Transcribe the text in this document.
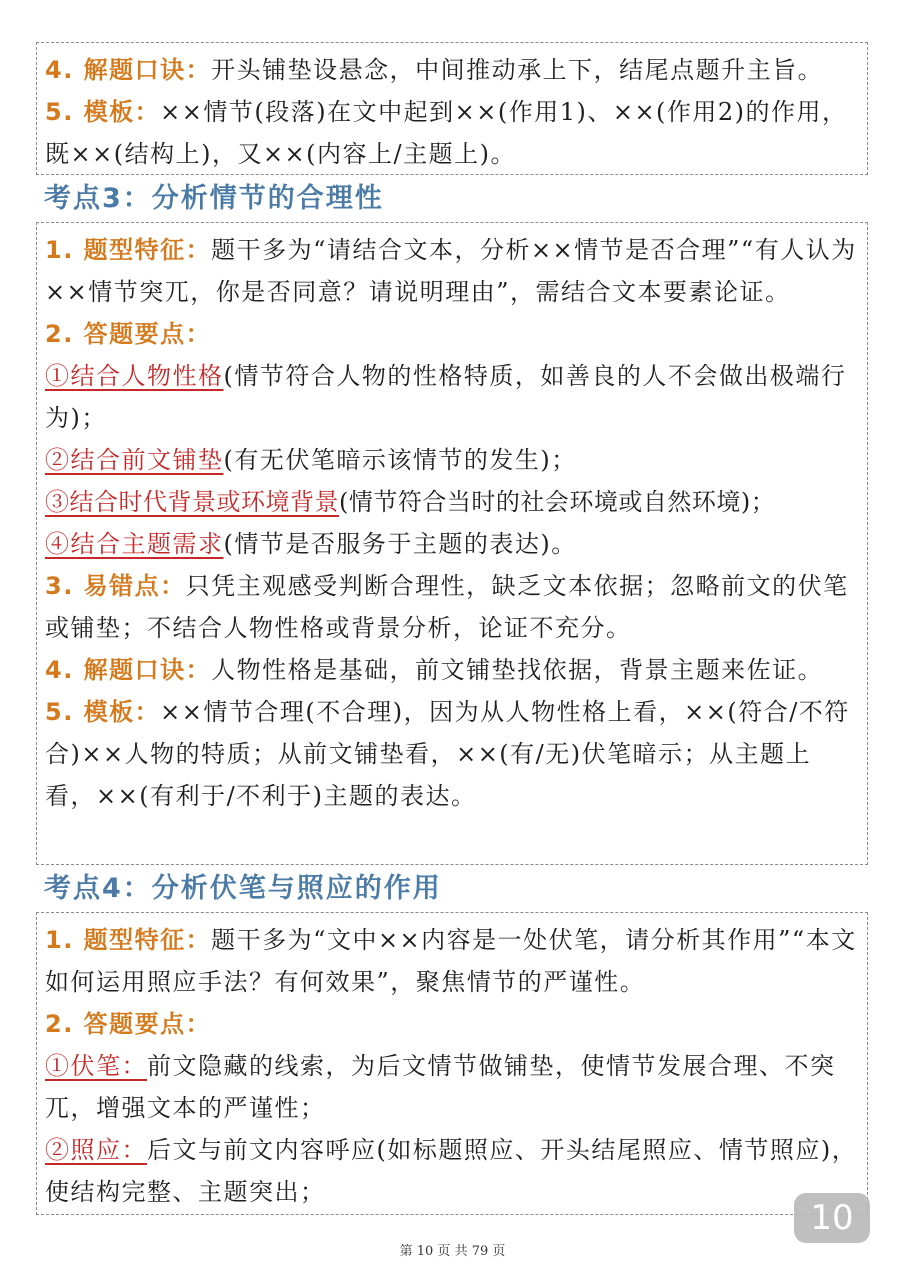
4. 解题口诀：开头铺垫设悬念，中间推动承上下，结尾点题升主旨。

5. 模板：××情节(段落)在文中起到××(作用1)、××(作用2)的作用，既××(结构上)，又××(内容上/主题上)。

考点3：分析情节的合理性

1. 题型特征：题干多为“请结合文本，分析××情节是否合理”“有人认为××情节突兀，你是否同意？请说明理由”，需结合文本要素论证。

2. 答题要点：

①结合人物性格(情节符合人物的性格特质，如善良的人不会做出极端行为)；

②结合前文铺垫(有无伏笔暗示该情节的发生)；

③结合时代背景或环境背景(情节符合当时的社会环境或自然环境)；

④结合主题需求(情节是否服务于主题的表达)。

3. 易错点：只凭主观感受判断合理性，缺乏文本依据；忽略前文的伏笔或铺垫；不结合人物性格或背景分析，论证不充分。

4. 解题口诀：人物性格是基础，前文铺垫找依据，背景主题来佐证。

5. 模板：××情节合理(不合理)，因为从人物性格上看，××(符合/不符合)××人物的特质；从前文铺垫看，××(有/无)伏笔暗示；从主题上看，××(有利于/不利于)主题的表达。

考点4：分析伏笔与照应的作用

1. 题型特征：题干多为“文中××内容是一处伏笔，请分析其作用”“本文如何运用照应手法？有何效果”，聚焦情节的严谨性。

2. 答题要点：

①伏笔：前文隐藏的线索，为后文情节做铺垫，使情节发展合理、不突兀，增强文本的严谨性；

②照应：后文与前文内容呼应(如标题照应、开头结尾照应、情节照应)，使结构完整、主题突出；

10
第 10 页 共 79 页
